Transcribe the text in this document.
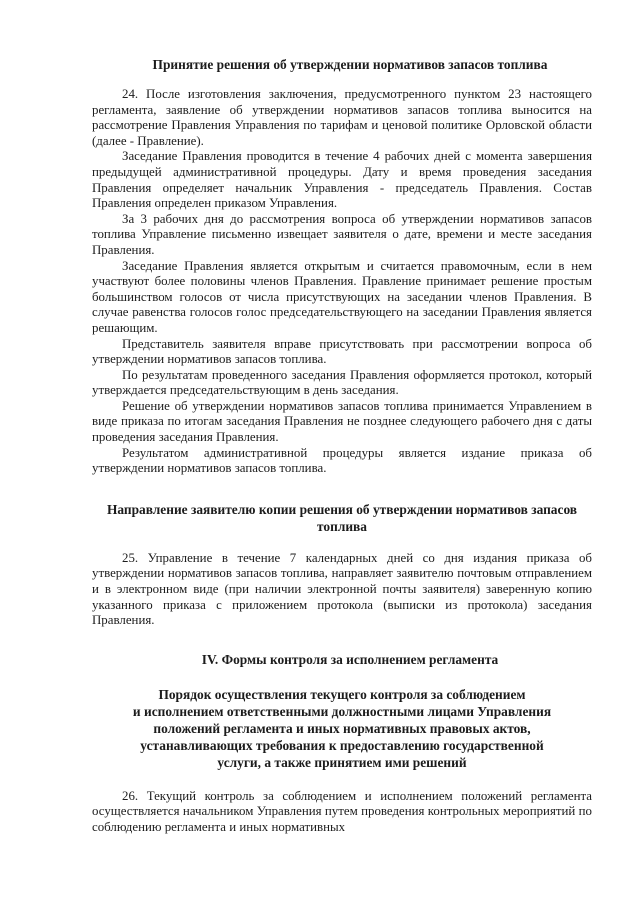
Принятие решения об утверждении нормативов запасов топлива

24. После изготовления заключения, предусмотренного пунктом 23 настоящего регламента, заявление об утверждении нормативов запасов топлива выносится на рассмотрение Правления Управления по тарифам и ценовой политике Орловской области (далее - Правление).

Заседание Правления проводится в течение 4 рабочих дней с момента завершения предыдущей административной процедуры. Дату и время проведения заседания Правления определяет начальник Управления - председатель Правления. Состав Правления определен приказом Управления.

За 3 рабочих дня до рассмотрения вопроса об утверждении нормативов запасов топлива Управление письменно извещает заявителя о дате, времени и месте заседания Правления.

Заседание Правления является открытым и считается правомочным, если в нем участвуют более половины членов Правления. Правление принимает решение простым большинством голосов от числа присутствующих на заседании членов Правления. В случае равенства голосов голос председательствующего на заседании Правления является решающим.

Представитель заявителя вправе присутствовать при рассмотрении вопроса об утверждении нормативов запасов топлива.

По результатам проведенного заседания Правления оформляется протокол, который утверждается председательствующим в день заседания.

Решение об утверждении нормативов запасов топлива принимается Управлением в виде приказа по итогам заседания Правления не позднее следующего рабочего дня с даты проведения заседания Правления.

Результатом административной процедуры является издание приказа об утверждении нормативов запасов топлива.

Направление заявителю копии решения об утверждении нормативов запасов топлива

25. Управление в течение 7 календарных дней со дня издания приказа об утверждении нормативов запасов топлива, направляет заявителю почтовым отправлением и в электронном виде (при наличии электронной почты заявителя) заверенную копию указанного приказа с приложением протокола (выписки из протокола) заседания Правления.

IV. Формы контроля за исполнением регламента
Порядок осуществления текущего контроля за соблюдением
и исполнением ответственными должностными лицами Управления
положений регламента и иных нормативных правовых актов,
устанавливающих требования к предоставлению государственной
услуги, а также принятием ими решений

26. Текущий контроль за соблюдением и исполнением положений регламента осуществляется начальником Управления путем проведения контрольных мероприятий по соблюдению регламента и иных нормативных
